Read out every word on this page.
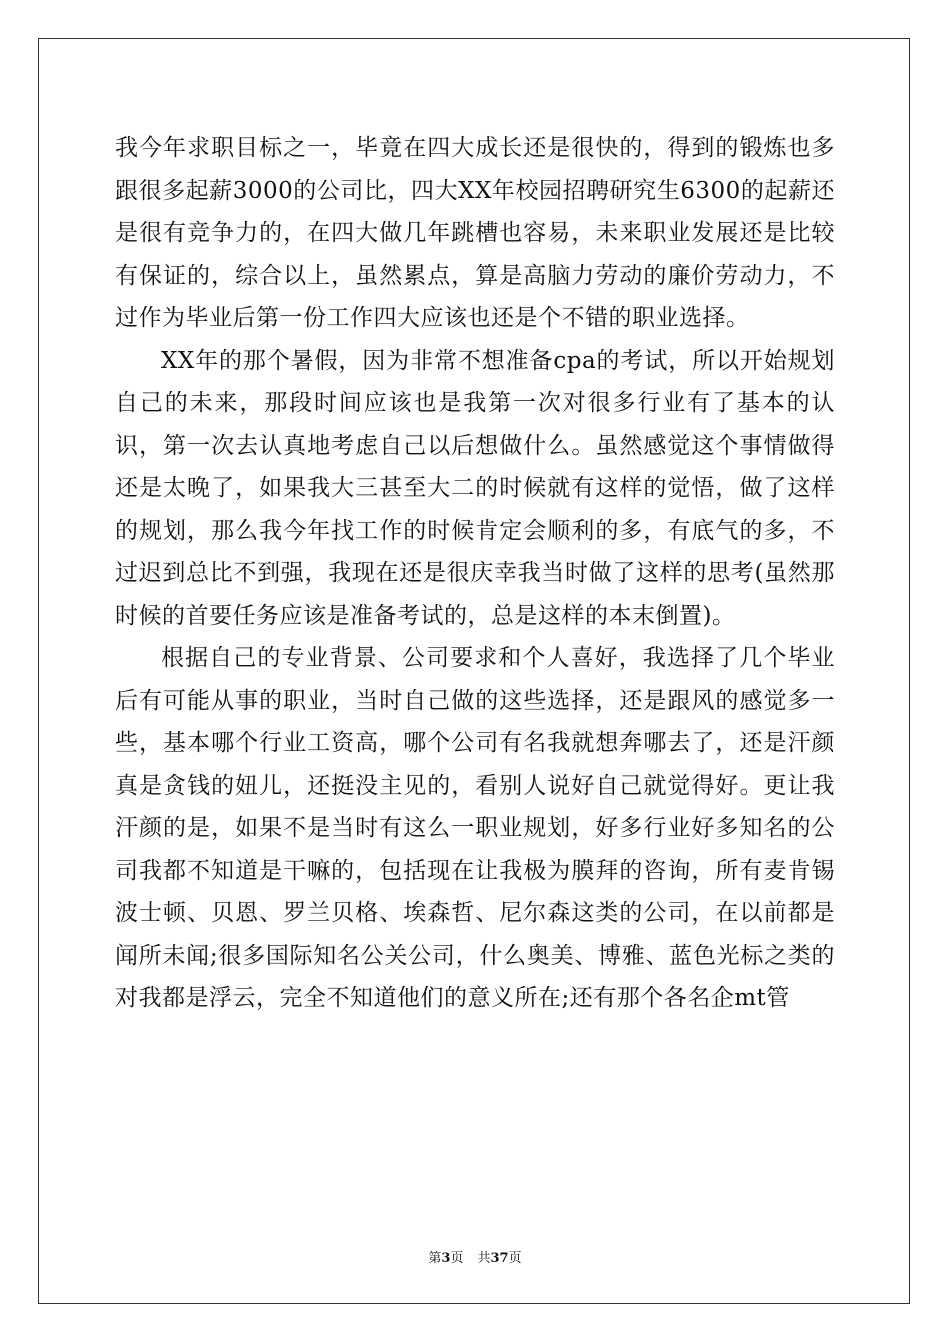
我今年求职目标之一，毕竟在四大成长还是很快的，得到的锻炼也多跟很多起薪3000的公司比，四大XX年校园招聘研究生6300的起薪还是很有竞争力的，在四大做几年跳槽也容易，未来职业发展还是比较有保证的，综合以上，虽然累点，算是高脑力劳动的廉价劳动力，不过作为毕业后第一份工作四大应该也还是个不错的职业选择。

XX年的那个暑假，因为非常不想准备cpa的考试，所以开始规划自己的未来，那段时间应该也是我第一次对很多行业有了基本的认识，第一次去认真地考虑自己以后想做什么。虽然感觉这个事情做得还是太晚了，如果我大三甚至大二的时候就有这样的觉悟，做了这样的规划，那么我今年找工作的时候肯定会顺利的多，有底气的多，不过迟到总比不到强，我现在还是很庆幸我当时做了这样的思考(虽然那时候的首要任务应该是准备考试的，总是这样的本末倒置)。

根据自己的专业背景、公司要求和个人喜好，我选择了几个毕业后有可能从事的职业，当时自己做的这些选择，还是跟风的感觉多一些，基本哪个行业工资高，哪个公司有名我就想奔哪去了，还是汗颜真是贪钱的妞儿，还挺没主见的，看别人说好自己就觉得好。更让我汗颜的是，如果不是当时有这么一职业规划，好多行业好多知名的公司我都不知道是干嘛的，包括现在让我极为膜拜的咨询，所有麦肯锡波士顿、贝恩、罗兰贝格、埃森哲、尼尔森这类的公司，在以前都是闻所未闻;很多国际知名公关公司，什么奥美、博雅、蓝色光标之类的对我都是浮云，完全不知道他们的意义所在;还有那个各名企mt管

第3页 共37页
